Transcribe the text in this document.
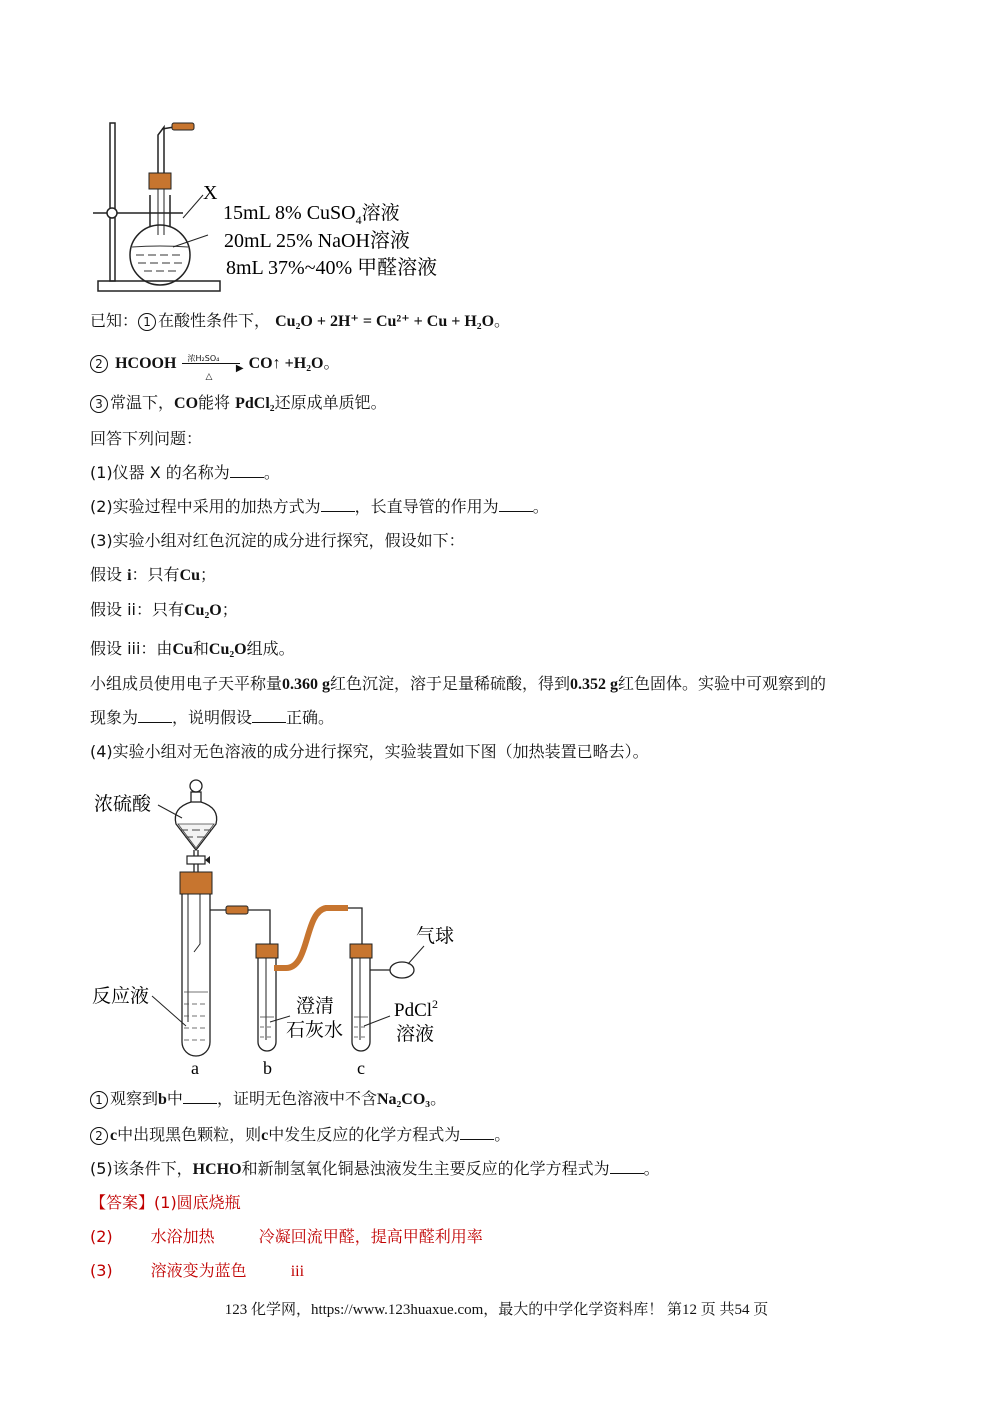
X
15mL 8% CuSO$_4$溶液
20mL 25% NaOH溶液
8mL 37%~40% 甲醛溶液
已知： 1 在酸性条件下， Cu₂O + 2H⁺ = Cu²⁺ + Cu + H₂O。
2 HCOOH 浓H₂SO₄
▶
△
CO↑ +H₂O。
3 常温下，CO能将 PdCl₂还原成单质钯。
回答下列问题：
(1)仪器 X 的名称为 。
(2)实验过程中采用的加热方式为 ，长直导管的作用为 。
(3)实验小组对红色沉淀的成分进行探究，假设如下：
假设 i：只有Cu；
假设 ii：只有Cu₂O；
假设 iii：由Cu和Cu₂O组成。
小组成员使用电子天平称量0.360 g红色沉淀，溶于足量稀硫酸，得到0.352 g红色固体。实验中可观察到的
现象为 ，说明假设 正确。
(4)实验小组对无色溶液的成分进行探究，实验装置如下图（加热装置已略去）。
浓硫酸
反应液	澄清
石灰水
气球
PdCl$^2$
溶液
a	b	c
1 观察到b中 ，证明无色溶液中不含Na₂CO₃。
2 c中出现黑色颗粒，则c中发生反应的化学方程式为 。
(5)该条件下，HCHO和新制氢氧化铜悬浊液发生主要反应的化学方程式为 。
【答案】(1)圆底烧瓶
(2) 水浴加热	冷凝回流甲醛，提高甲醛利用率
(3) 溶液变为蓝色	iii
123 化学网，https://www.123huaxue.com，最大的中学化学资料库！ 第12 页 共54 页
